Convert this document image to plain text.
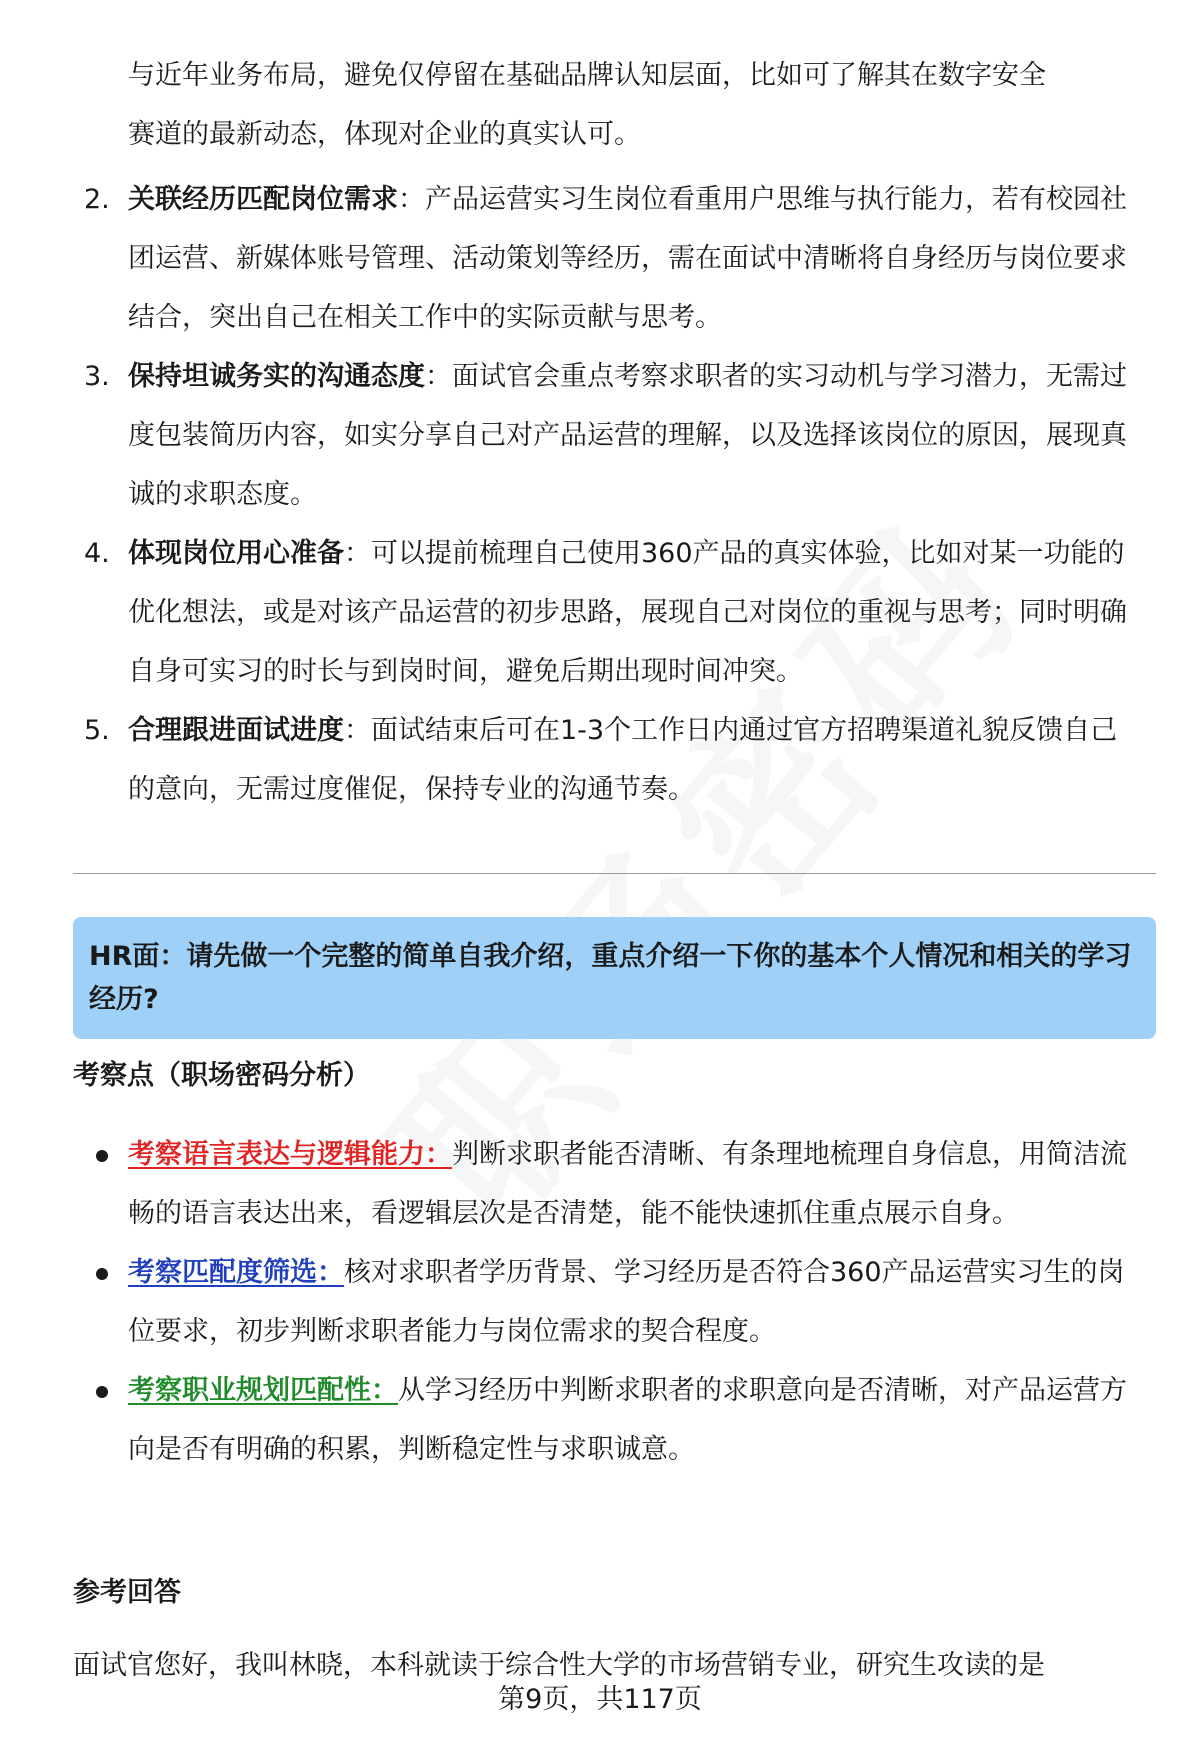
与近年业务布局，避免仅停留在基础品牌认知层面，比如可了解其在数字安全
赛道的最新动态，体现对企业的真实认可。

2. 关联经历匹配岗位需求：产品运营实习生岗位看重用户思维与执行能力，若有校园社团运营、新媒体账号管理、活动策划等经历，需在面试中清晰将自身经历与岗位要求结合，突出自己在相关工作中的实际贡献与思考。
3. 保持坦诚务实的沟通态度：面试官会重点考察求职者的实习动机与学习潜力，无需过度包装简历内容，如实分享自己对产品运营的理解，以及选择该岗位的原因，展现真诚的求职态度。
4. 体现岗位用心准备：可以提前梳理自己使用360产品的真实体验，比如对某一功能的优化想法，或是对该产品运营的初步思路，展现自己对岗位的重视与思考；同时明确自身可实习的时长与到岗时间，避免后期出现时间冲突。
5. 合理跟进面试进度：面试结束后可在1-3个工作日内通过官方招聘渠道礼貌反馈自己的意向，无需过度催促，保持专业的沟通节奏。
HR面：请先做一个完整的简单自我介绍，重点介绍一下你的基本个人情况和相关的学习经历?
考察点（职场密码分析）
考察语言表达与逻辑能力：判断求职者能否清晰、有条理地梳理自身信息，用简洁流畅的语言表达出来，看逻辑层次是否清楚，能不能快速抓住重点展示自身。
考察匹配度筛选：核对求职者学历背景、学习经历是否符合360产品运营实习生的岗位要求，初步判断求职者能力与岗位需求的契合程度。
考察职业规划匹配性：从学习经历中判断求职者的求职意向是否清晰，对产品运营方向是否有明确的积累，判断稳定性与求职诚意。
参考回答
面试官您好，我叫林晓，本科就读于综合性大学的市场营销专业，研究生攻读的是
第9页，共117页
